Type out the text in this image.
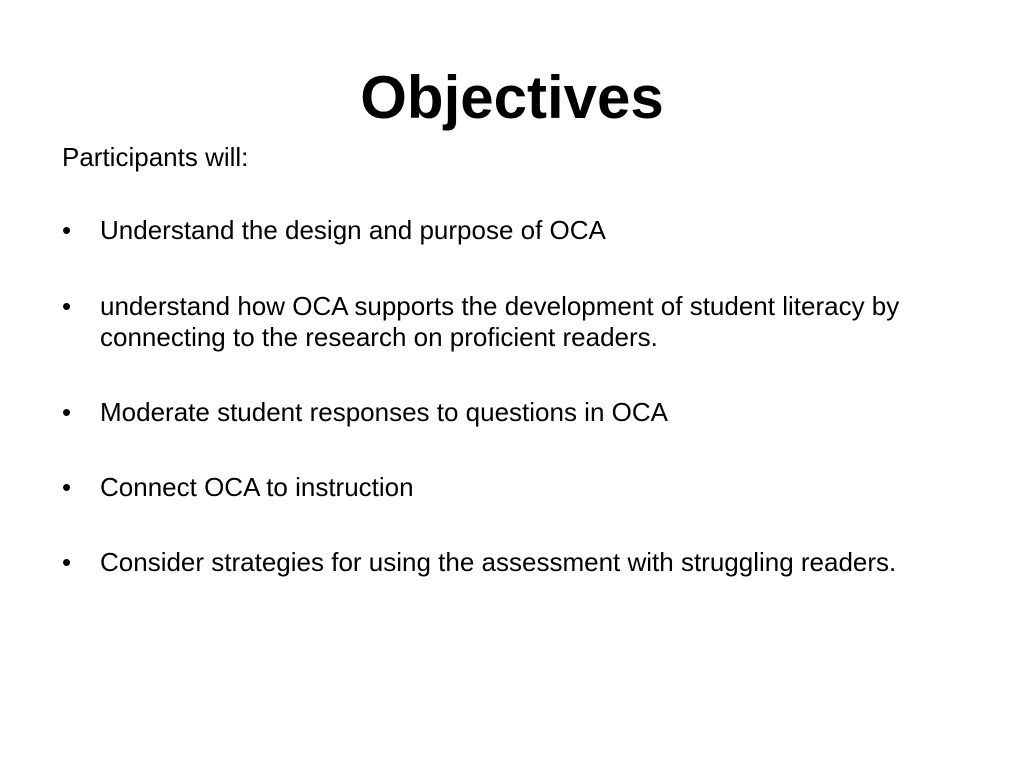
Objectives

Participants will:

•	Understand the design and purpose of OCA
•	understand how OCA supports the development of student literacy by connecting to the research on proficient readers.
•	Moderate student responses to questions in OCA
•	Connect OCA to instruction
•	Consider strategies for using the assessment with struggling readers.
